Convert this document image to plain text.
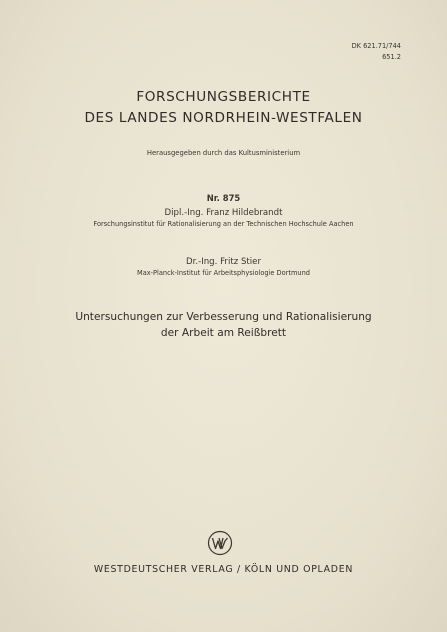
DK 621.71/744
651.2
FORSCHUNGSBERICHTE
DES LANDES NORDRHEIN-WESTFALEN
Herausgegeben durch das Kultusministerium
Nr. 875
Dipl.-Ing. Franz Hildebrandt
Forschungsinstitut für Rationalisierung an der Technischen Hochschule Aachen
Dr.-Ing. Fritz Stier
Max-Planck-Institut für Arbeitsphysiologie Dortmund
Untersuchungen zur Verbesserung und Rationalisierung
der Arbeit am Reißbrett
WESTDEUTSCHER VERLAG / KÖLN UND OPLADEN
